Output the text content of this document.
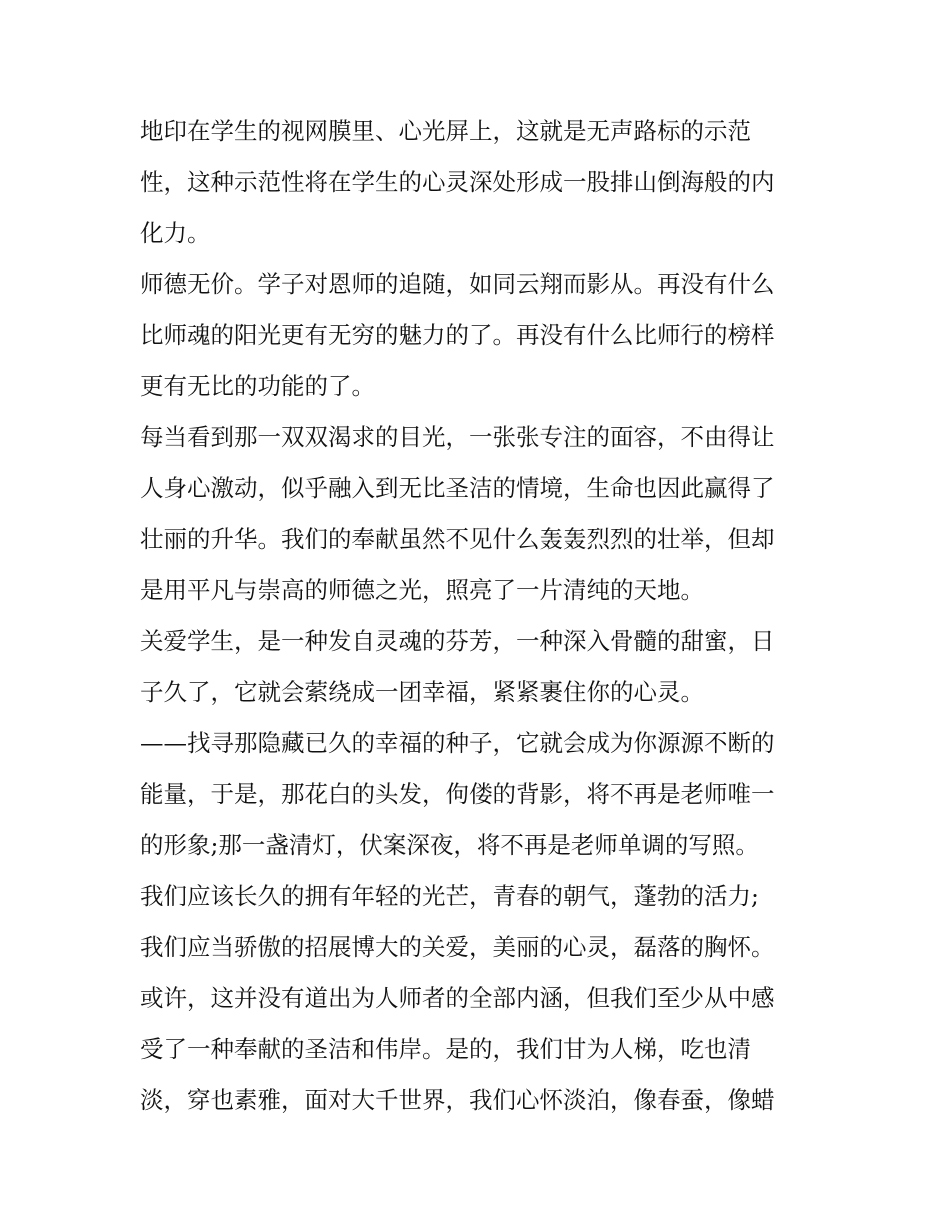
地印在学生的视网膜里、心光屏上，这就是无声路标的示范
性，这种示范性将在学生的心灵深处形成一股排山倒海般的内
化力。
师德无价。学子对恩师的追随，如同云翔而影从。再没有什么
比师魂的阳光更有无穷的魅力的了。再没有什么比师行的榜样
更有无比的功能的了。
每当看到那一双双渴求的目光，一张张专注的面容，不由得让
人身心激动，似乎融入到无比圣洁的情境，生命也因此赢得了
壮丽的升华。我们的奉献虽然不见什么轰轰烈烈的壮举，但却
是用平凡与崇高的师德之光，照亮了一片清纯的天地。
关爱学生，是一种发自灵魂的芬芳，一种深入骨髓的甜蜜，日
子久了，它就会萦绕成一团幸福，紧紧裹住你的心灵。
——找寻那隐藏已久的幸福的种子，它就会成为你源源不断的
能量，于是，那花白的头发，佝偻的背影，将不再是老师唯一
的形象;那一盏清灯，伏案深夜，将不再是老师单调的写照。
我们应该长久的拥有年轻的光芒，青春的朝气，蓬勃的活力;
我们应当骄傲的招展博大的关爱，美丽的心灵，磊落的胸怀。
或许，这并没有道出为人师者的全部内涵，但我们至少从中感
受了一种奉献的圣洁和伟岸。是的，我们甘为人梯，吃也清
淡，穿也素雅，面对大千世界，我们心怀淡泊，像春蚕，像蜡
